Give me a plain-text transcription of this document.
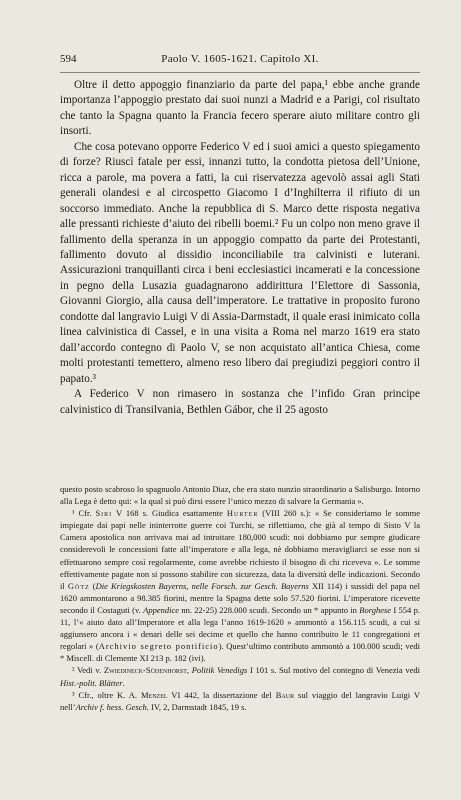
594	Paolo V. 1605-1621. Capitolo XI.

Oltre il detto appoggio finanziario da parte del papa,¹ ebbe anche grande importanza l’appoggio prestato dai suoi nunzi a Madrid e a Parigi, col risultato che tanto la Spagna quanto la Francia fecero sperare aiuto militare contro gli insorti.

Che cosa potevano opporre Federico V ed i suoi amici a questo spiegamento di forze? Riuscì fatale per essi, innanzi tutto, la condotta pietosa dell’Unione, ricca a parole, ma povera a fatti, la cui riservatezza agevolò assai agli Stati generali olandesi e al circospetto Giacomo I d’Inghilterra il rifiuto di un soccorso immediato. Anche la repubblica di S. Marco dette risposta negativa alle pressanti richieste d’aiuto dei ribelli boemi.² Fu un colpo non meno grave il fallimento della speranza in un appoggio compatto da parte dei Protestanti, fallimento dovuto al dissidio inconciliabile tra calvinisti e luterani. Assicurazioni tranquillanti circa i beni ecclesiastici incamerati e la concessione in pegno della Lusazia guadagnarono addirittura l’Elettore di Sassonia, Giovanni Giorgio, alla causa dell’imperatore. Le trattative in proposito furono condotte dal langravio Luigi V di Assia-Darmstadt, il quale erasi inimicato colla linea calvinistica di Cassel, e in una visita a Roma nel marzo 1619 era stato dall’accordo contegno di Paolo V, se non acquistato all’antica Chiesa, come molti protestanti temettero, almeno reso libero dai pregiudizi peggiori contro il papato.³

A Federico V non rimasero in sostanza che l’infido Gran principe calvinistico di Transilvania, Bethlen Gábor, che il 25 agosto

questo posto scabroso lo spagnuolo Antonio Diaz, che era stato nunzio straordinario a Salisburgo. Intorno alla Lega è detto qui: « la qual si può dirsi essere l’unico mezzo di salvare la Germania ».

¹ Cfr. Siri V 168 s. Giudica esattamente Hurter (VIII 260 s.): « Se consideriamo le somme impiegate dai papi nelle ininterrotte guerre coi Turchi, se riflettiamo, che già al tempo di Sisto V la Camera apostolica non arrivava mai ad introitare 180,000 scudi: noi dobbiamo pur sempre giudicare considerevoli le concessioni fatte all’imperatore e alla lega, nè dobbiamo meravigliarci se esse non si effettuarono sempre così regolarmente, come avrebbe richiesto il bisogno di chi riceveva ». Le somme effettivamente pagate non si possono stabilire con sicurezza, data la diversità delle indicazioni. Secondo il Götz (Die Kriegskosten Bayerns, nelle Forsch. zur Gesch. Bayerns XII 114) i sussidi del papa nel 1620 ammontarono a 98.385 fiorini, mentre la Spagna dette solo 57.520 fiorini. L’imperatore ricevette secondo il Costaguti (v. Appendice nn. 22-25) 228.000 scudi. Secondo un * appunto in Borghese I 554 p. 11, l’« aiuto dato all’Imperatore et alla lega l’anno 1619-1620 » ammontò a 156.115 scudi, a cui si aggiunsero ancora i « denari delle sei decime et quello che hanno contribuito le 11 congregationi et regolari » (Archivio segreto pontificio). Quest’ultimo contributo ammontò a 100.000 scudi; vedi * Miscell. di Clemente XI 213 p. 182 (ivi).

² Vedi v. Zwiedineck-Südenhorst, Politik Venedigs I 101 s. Sul motivo del contegno di Venezia vedi Hist.-polit. Blätter.

³ Cfr., oltre K. A. Menzel VI 442, la dissertazione del Baur sul viaggio del langravio Luigi V nell’Archiv f. hess. Gesch. IV, 2, Darmstadt 1845, 19 s.
